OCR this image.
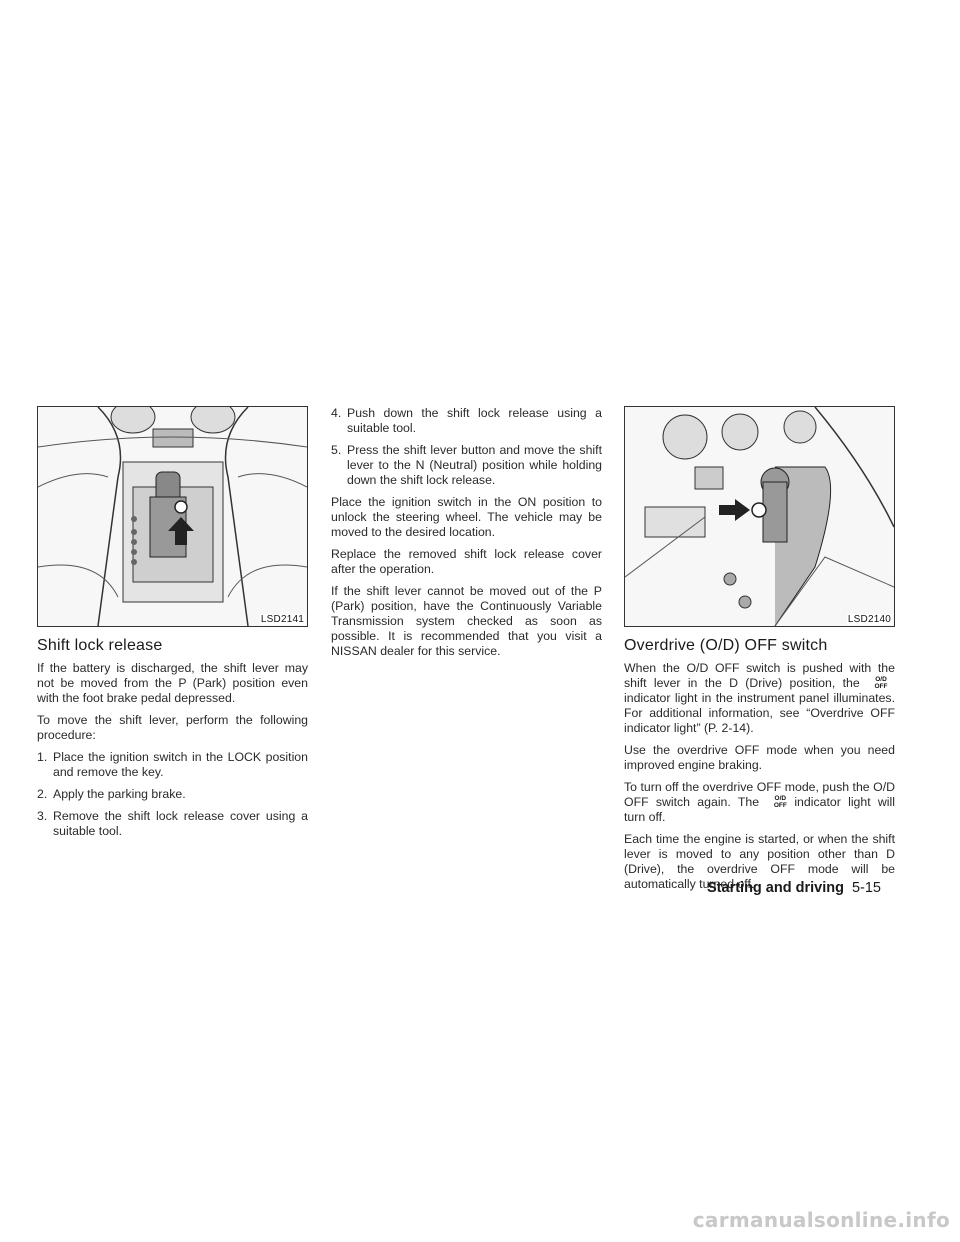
LSD2141
Shift lock release

If the battery is discharged, the shift lever may not be moved from the P (Park) position even with the foot brake pedal depressed.

To move the shift lever, perform the following procedure:

1. Place the ignition switch in the LOCK position and remove the key.
2. Apply the parking brake.
3. Remove the shift lock release cover using a suitable tool.
4. Push down the shift lock release using a suitable tool.
5. Press the shift lever button and move the shift lever to the N (Neutral) position while holding down the shift lock release.

Place the ignition switch in the ON position to unlock the steering wheel. The vehicle may be moved to the desired location.

Replace the removed shift lock release cover after the operation.

If the shift lever cannot be moved out of the P (Park) position, have the Continuously Variable Transmission system checked as soon as possible. It is recommended that you visit a NISSAN dealer for this service.

LSD2140
Overdrive (O/D) OFF switch

When the O/D OFF switch is pushed with the shift lever in the D (Drive) position, the O/D
OFFindicator light in the instrument panel illuminates. For additional information, see “Overdrive OFF indicator light” (P. 2-14).

Use the overdrive OFF mode when you need improved engine braking.

To turn off the overdrive OFF mode, push the O/D OFF switch again. The O/D
OFF indicator light will turn off.

Each time the engine is started, or when the shift lever is moved to any position other than D (Drive), the overdrive OFF mode will be automatically turned off.

Starting and driving 5-15
carmanualsonline.info
